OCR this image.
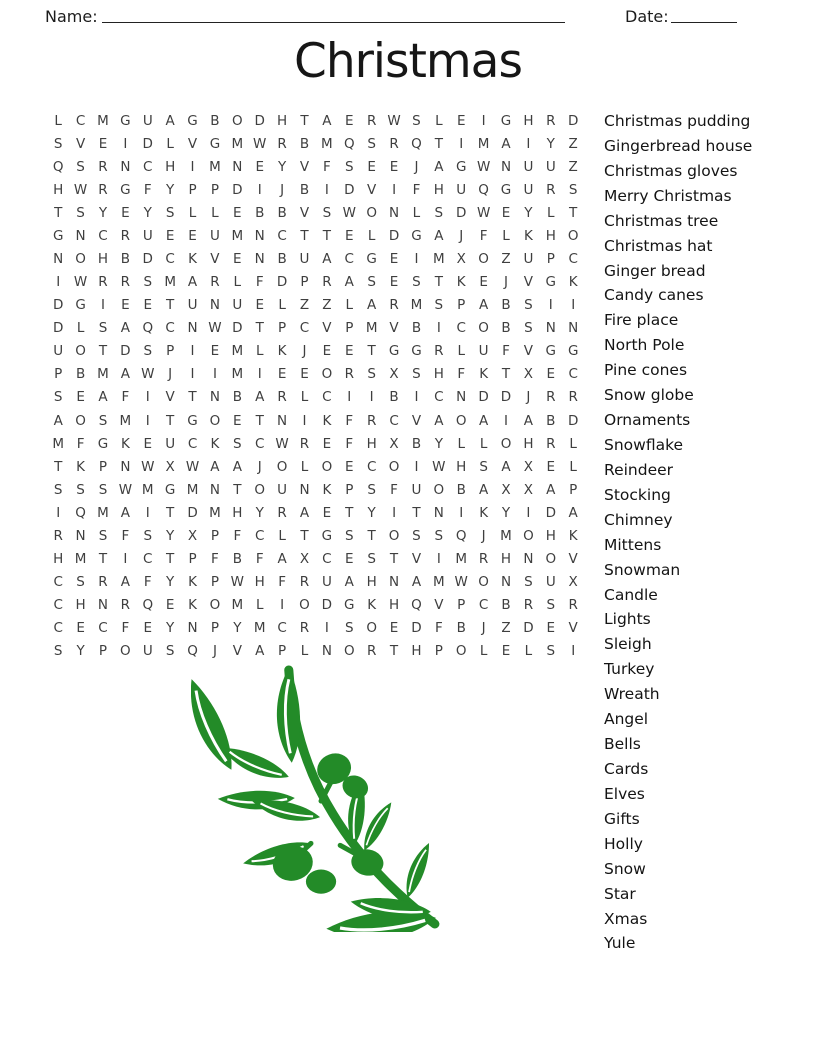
Name:	Date:
Christmas
L	C M G U A G B O D H T	A	E R W S	L	E	I	G H R D
S V	E	I	D L	V G M W R B M Q S R Q T	I	M A	I	Y	Z
Q S R N C H	I	M N E	Y	V	F	S	E	E	J	A G W N U U Z
H W R G F	Y	P	P D	I	J	B	I	D V	I	F H U Q G U R S
T	S	Y	E	Y	S	L	L	E	B B V S W O N	L	S D W E	Y	L	T
G N C R U E	E U M N C	T	T	E	L D G A	J	F	L	K H O
N O H B D C K V	E N B U A C G E	I	M X O Z U P	C
I	W R R S M A R	L	F D P	R A S	E	S	T	K	E	J	V G K
D G	I	E	E	T U N U E	L	Z Z	L	A R M S	P	A B S	I	I
D L	S A Q C N W D T	P	C V	P M V B	I	C O B S N N
U O T D S	P	I	E M L	K	J	E	E	T G G R	L	U	F	V G G
P	B M A W	J	I	I	M	I	E	E O R S X S H F	K	T	X	E C
S	E	A	F	I	V	T N B A R	L	C	I	I	B	I	C N D D	J	R R
A O S M	I	T G O E	T N	I	K	F	R C V A O A	I	A B D
M F G K	E U C K	S C W R E	F H X B	Y	L	L O H R	L
T	K	P N W X W A A	J	O L O E C O	I	W H S A X	E	L
S	S	S W M G M N T O U N K	P	S	F	U O B A X X A	P
I	Q M A	I	T D M H Y	R A	E	T	Y	I	T N	I	K	Y	I	D A
R N S	F	S	Y	X	P	F	C	L	T G S	T O S	S Q	J	M O H K
H M T	I	C	T	P	F	B	F	A X C E	S	T	V	I	M R H N O V
C S R A	F	Y	K	P W H F	R U A H N A M W O N S U X
C H N R Q E	K O M L	I	O D G K H Q V	P	C B R S R
C E C	F	E	Y N P	Y M C R	I	S O E D F	B	J	Z D E	V
S	Y	P O U S Q	J	V A	P	L	N O R	T H P O L	E	L	S	I
Christmas pudding
Gingerbread house
Christmas gloves
Merry Christmas
Christmas tree
Christmas hat
Ginger bread
Candy canes
Fire place
North Pole
Pine cones
Snow globe
Ornaments
Snowflake
Reindeer
Stocking
Chimney
Mittens
Snowman
Candle
Lights
Sleigh
Turkey
Wreath
Angel
Bells
Cards
Elves
Gifts
Holly
Snow
Star
Xmas
Yule
